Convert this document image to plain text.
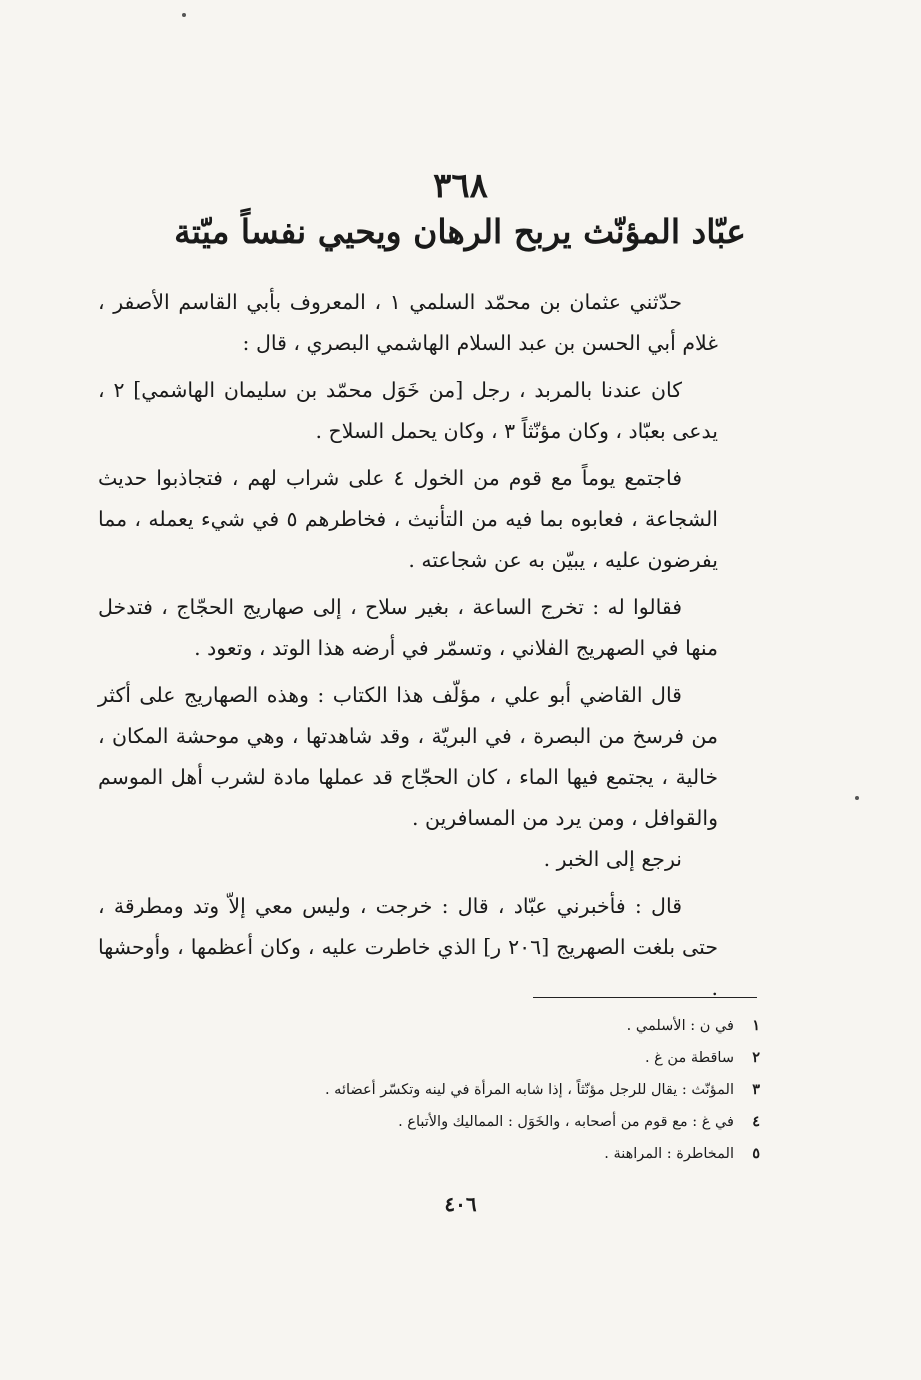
٣٦٨
عبّاد المؤنّث يربح الرهان ويحيي نفساً ميّتة

حدّثني عثمان بن محمّد السلمي ١ ، المعروف بأبي القاسم الأصفر ، غلام أبي الحسن بن عبد السلام الهاشمي البصري ، قال :

كان عندنا بالمربد ، رجل [من خَوَل محمّد بن سليمان الهاشمي] ٢ ، يدعى بعبّاد ، وكان مؤنّثاً ٣ ، وكان يحمل السلاح .

فاجتمع يوماً مع قوم من الخول ٤ على شراب لهم ، فتجاذبوا حديث الشجاعة ، فعابوه بما فيه من التأنيث ، فخاطرهم ٥ في شيء يعمله ، مما يفرضون عليه ، يبيّن به عن شجاعته .

فقالوا له : تخرج الساعة ، بغير سلاح ، إلى صهاريج الحجّاج ، فتدخل منها في الصهريج الفلاني ، وتسمّر في أرضه هذا الوتد ، وتعود .

قال القاضي أبو علي ، مؤلّف هذا الكتاب : وهذه الصهاريج على أكثر من فرسخ من البصرة ، في البريّة ، وقد شاهدتها ، وهي موحشة المكان ، خالية ، يجتمع فيها الماء ، كان الحجّاج قد عملها مادة لشرب أهل الموسم والقوافل ، ومن يرد من المسافرين .

نرجع إلى الخبر .

قال : فأخبرني عبّاد ، قال : خرجت ، وليس معي إلاّ وتد ومطرقة ، حتى بلغت الصهريج [٢٠٦ ر] الذي خاطرت عليه ، وكان أعظمها ، وأوحشها .

١
في ن : الأسلمي .
٢
ساقطة من غ .
٣
المؤنّث : يقال للرجل مؤنّثاً ، إذا شابه المرأة في لينه وتكسّر أعضائه .
٤
في غ : مع قوم من أصحابه ، والخَوَل : المماليك والأتباع .
٥
المخاطرة : المراهنة .
٤٠٦
